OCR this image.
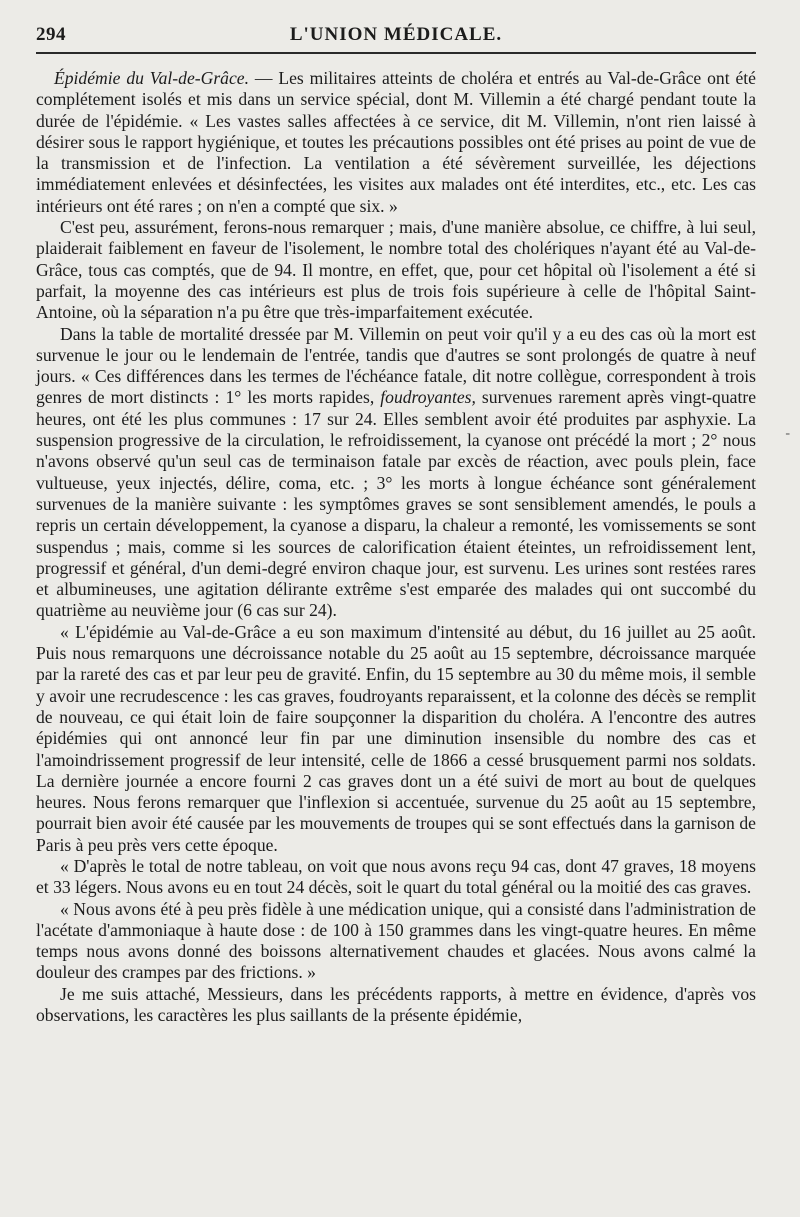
294	L'UNION MÉDICALE.

Épidémie du Val-de-Grâce. — Les militaires atteints de choléra et entrés au Val-de-Grâce ont été complétement isolés et mis dans un service spécial, dont M. Villemin a été chargé pendant toute la durée de l'épidémie. « Les vastes salles affectées à ce service, dit M. Villemin, n'ont rien laissé à désirer sous le rapport hygiénique, et toutes les précautions possibles ont été prises au point de vue de la transmission et de l'infection. La ventilation a été sévèrement surveillée, les déjections immédiatement enlevées et désinfectées, les visites aux malades ont été interdites, etc., etc. Les cas intérieurs ont été rares ; on n'en a compté que six. »

C'est peu, assurément, ferons-nous remarquer ; mais, d'une manière absolue, ce chiffre, à lui seul, plaiderait faiblement en faveur de l'isolement, le nombre total des cholériques n'ayant été au Val-de-Grâce, tous cas comptés, que de 94. Il montre, en effet, que, pour cet hôpital où l'isolement a été si parfait, la moyenne des cas intérieurs est plus de trois fois supérieure à celle de l'hôpital Saint-Antoine, où la séparation n'a pu être que très-imparfaitement exécutée.

Dans la table de mortalité dressée par M. Villemin on peut voir qu'il y a eu des cas où la mort est survenue le jour ou le lendemain de l'entrée, tandis que d'autres se sont prolongés de quatre à neuf jours. « Ces différences dans les termes de l'échéance fatale, dit notre collègue, correspondent à trois genres de mort distincts : 1° les morts rapides, foudroyantes, survenues rarement après vingt-quatre heures, ont été les plus communes : 17 sur 24. Elles semblent avoir été produites par asphyxie. La suspension progressive de la circulation, le refroidissement, la cyanose ont précédé la mort ; 2° nous n'avons observé qu'un seul cas de terminaison fatale par excès de réaction, avec pouls plein, face vultueuse, yeux injectés, délire, coma, etc. ; 3° les morts à longue échéance sont généralement survenues de la manière suivante : les symptômes graves se sont sensiblement amendés, le pouls a repris un certain développement, la cyanose a disparu, la chaleur a remonté, les vomissements se sont suspendus ; mais, comme si les sources de calorification étaient éteintes, un refroidissement lent, progressif et général, d'un demi-degré environ chaque jour, est survenu. Les urines sont restées rares et albumineuses, une agitation délirante extrême s'est emparée des malades qui ont succombé du quatrième au neuvième jour (6 cas sur 24).

« L'épidémie au Val-de-Grâce a eu son maximum d'intensité au début, du 16 juillet au 25 août. Puis nous remarquons une décroissance notable du 25 août au 15 septembre, décroissance marquée par la rareté des cas et par leur peu de gravité. Enfin, du 15 septembre au 30 du même mois, il semble y avoir une recrudescence : les cas graves, foudroyants reparaissent, et la colonne des décès se remplit de nouveau, ce qui était loin de faire soupçonner la disparition du choléra. A l'encontre des autres épidémies qui ont annoncé leur fin par une diminution insensible du nombre des cas et l'amoindrissement progressif de leur intensité, celle de 1866 a cessé brusquement parmi nos soldats. La dernière journée a encore fourni 2 cas graves dont un a été suivi de mort au bout de quelques heures. Nous ferons remarquer que l'inflexion si accentuée, survenue du 25 août au 15 septembre, pourrait bien avoir été causée par les mouvements de troupes qui se sont effectués dans la garnison de Paris à peu près vers cette époque.

« D'après le total de notre tableau, on voit que nous avons reçu 94 cas, dont 47 graves, 18 moyens et 33 légers. Nous avons eu en tout 24 décès, soit le quart du total général ou la moitié des cas graves.

« Nous avons été à peu près fidèle à une médication unique, qui a consisté dans l'administration de l'acétate d'ammoniaque à haute dose : de 100 à 150 grammes dans les vingt-quatre heures. En même temps nous avons donné des boissons alternativement chaudes et glacées. Nous avons calmé la douleur des crampes par des frictions. »

Je me suis attaché, Messieurs, dans les précédents rapports, à mettre en évidence, d'après vos observations, les caractères les plus saillants de la présente épidémie,

-
